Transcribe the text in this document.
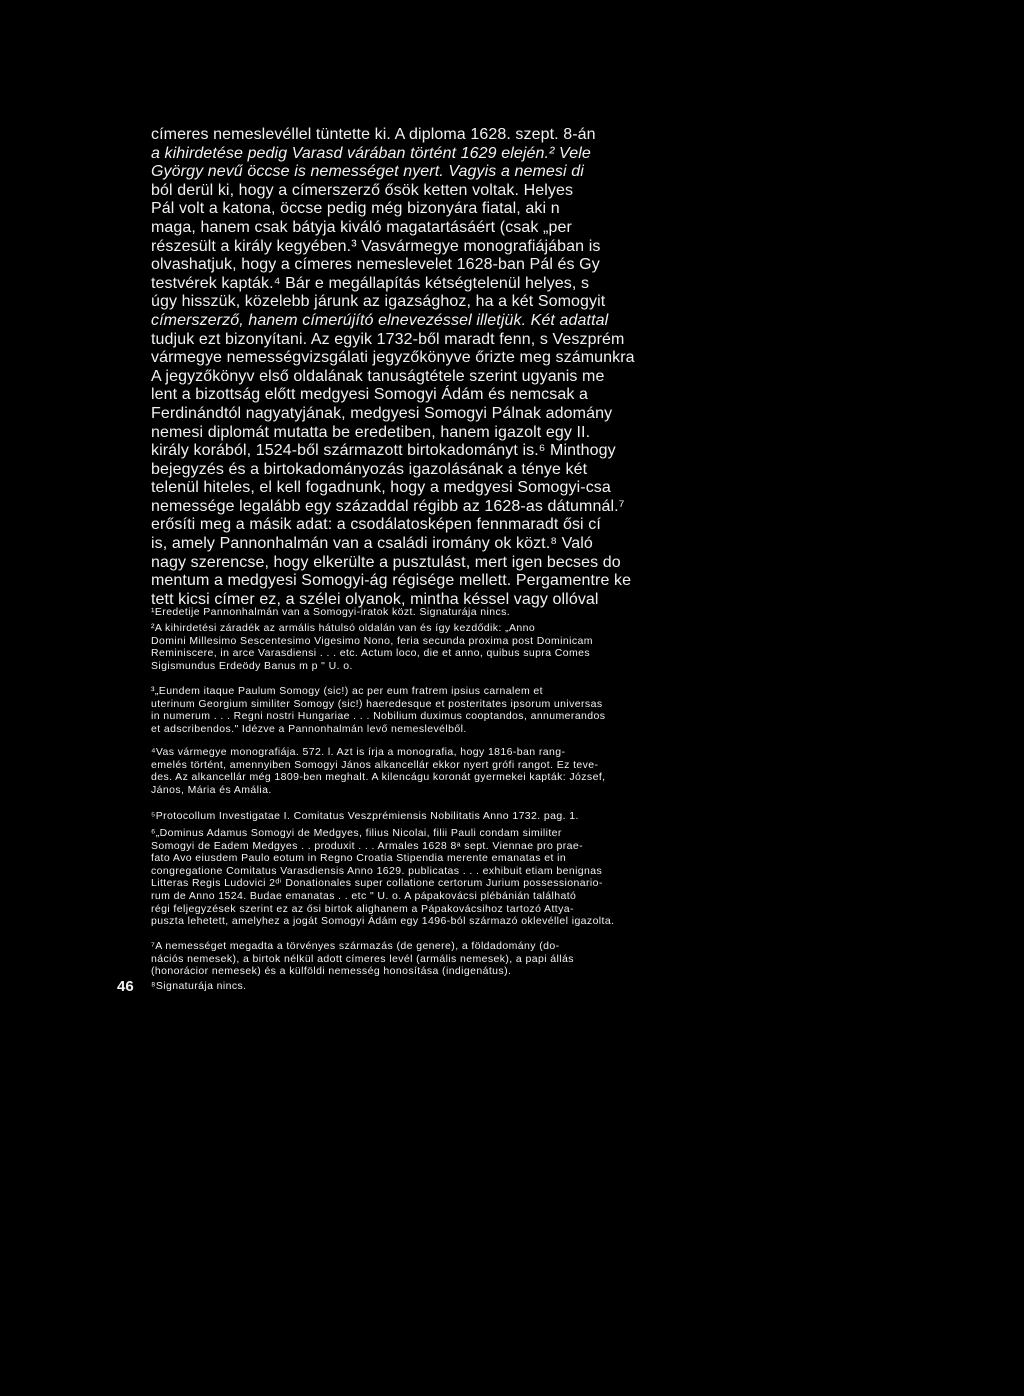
címeres nemeslevéllel tüntette ki. A diploma 1628. szept. 8-án
a kihirdetése pedig Varasd várában történt 1629 elején.² Vele
György nevű öccse is nemességet nyert. Vagyis a nemesi di
ból derül ki, hogy a címerszerző ősök ketten voltak. Helyes
Pál volt a katona, öccse pedig még bizonyára fiatal, aki n
maga, hanem csak bátyja kiváló magatartásáért (csak „per
részesült a király kegyében.³ Vasvármegye monografiájában is
olvashatjuk, hogy a címeres nemeslevelet 1628-ban Pál és Gy
testvérek kapták.⁴ Bár e megállapítás kétségtelenül helyes, s
úgy hisszük, közelebb járunk az igazsághoz, ha a két Somogyit
címerszerző, hanem címerújító elnevezéssel illetjük. Két adattal
tudjuk ezt bizonyítani. Az egyik 1732-ből maradt fenn, s Veszprém
vármegye nemességvizsgálati jegyzőkönyve őrizte meg számunkra
A jegyzőkönyv első oldalának tanuságtétele szerint ugyanis me
lent a bizottság előtt medgyesi Somogyi Ádám és nemcsak a
Ferdinándtól nagyatyjának, medgyesi Somogyi Pálnak adomány
nemesi diplomát mutatta be eredetiben, hanem igazolt egy II.
király korából, 1524-ből származott birtokadományt is.⁶ Minthogy
bejegyzés és a birtokadományozás igazolásának a ténye két
telenül hiteles, el kell fogadnunk, hogy a medgyesi Somogyi-csa
nemessége legalább egy századdal régibb az 1628-as dátumnál.⁷
erősíti meg a másik adat: a csodálatosképen fennmaradt ősi cí
is, amely Pannonhalmán van a családi iromány ok közt.⁸ Való
nagy szerencse, hogy elkerülte a pusztulást, mert igen becses do
mentum a medgyesi Somogyi-ág régisége mellett. Pergamentre ke
tett kicsi címer ez, a szélei olyanok, mintha késsel vagy ollóval
¹Eredetije Pannonhalmán van a Somogyi-iratok közt. Signaturája nincs.
²A kihirdetési záradék az armális hátulsó oldalán van és így kezdődik: „Anno
Domini Millesimo Sescentesimo Vigesimo Nono, feria secunda proxima post Dominicam
Reminiscere, in arce Varasdiensi . . . etc. Actum loco, die et anno, quibus supra Comes
Sigismundus Erdeödy Banus m p " U. o.
³„Eundem itaque Paulum Somogy (sic!) ac per eum fratrem ipsius carnalem et
uterinum Georgium similiter Somogy (sic!) haeredesque et posteritates ipsorum universas
in numerum . . . Regni nostri Hungariae . . . Nobilium duximus cooptandos, annumerandos
et adscribendos." Idézve a Pannonhalmán levő nemeslevélből.
⁴Vas vármegye monografiája. 572. l. Azt is írja a monografia, hogy 1816-ban rang-
emelés történt, amennyiben Somogyi János alkancellár ekkor nyert grófi rangot. Ez teve-
des. Az alkancellár még 1809-ben meghalt. A kilencágu koronát gyermekei kapták: József,
János, Mária és Amália.
⁵Protocollum Investigatae I. Comitatus Veszprémiensis Nobilitatis Anno 1732. pag. 1.
⁶„Dominus Adamus Somogyi de Medgyes, filius Nicolai, filii Pauli condam similiter
Somogyi de Eadem Medgyes . . produxit . . . Armales 1628 8ᵃ sept. Viennae pro prae-
fato Avo eiusdem Paulo eotum in Regno Croatia Stipendia merente emanatas et in
congregatione Comitatus Varasdiensis Anno 1629. publicatas . . . exhibuit etiam benignas
Litteras Regis Ludovici 2ᵈⁱ Donationales super collatione certorum Jurium possessionario-
rum de Anno 1524. Budae emanatas . . etc " U. o. A pápakovácsi plébánián található
régi feljegyzések szerint ez az ősi birtok alighanem a Pápakovácsihoz tartozó Attya-
puszta lehetett, amelyhez a jogát Somogyi Ádám egy 1496-ból származó oklevéllel igazolta.
⁷A nemességet megadta a törvényes származás (de genere), a földadomány (do-
nációs nemesek), a birtok nélkül adott címeres levél (armális nemesek), a papi állás
(honorácior nemesek) és a külföldi nemesség honosítása (indigenátus).
⁸Signaturája nincs.
46
